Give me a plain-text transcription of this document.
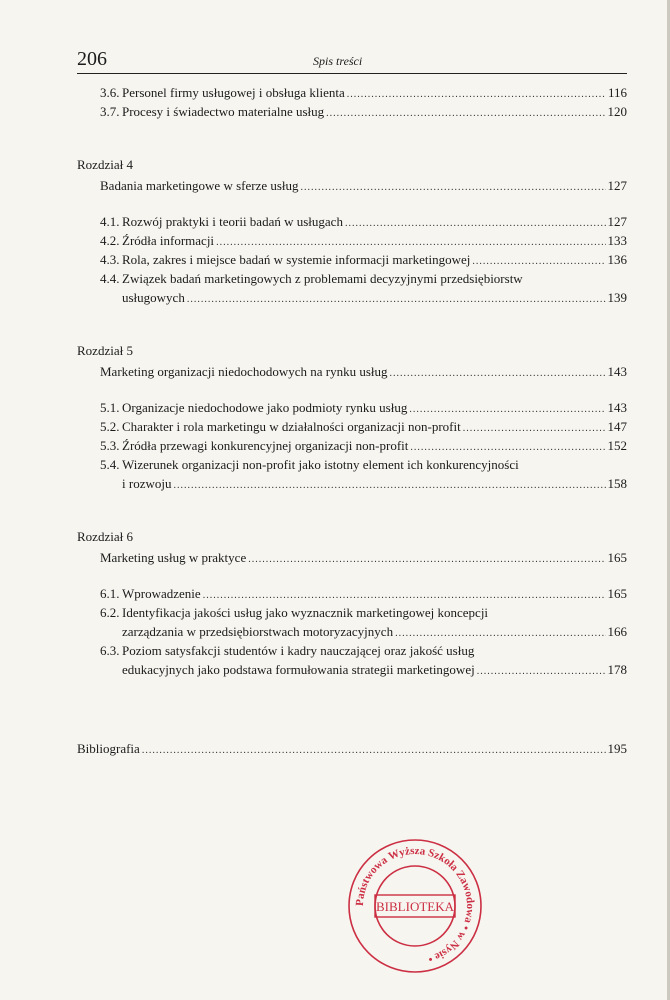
206	Spis treści
3.6. Personel firmy usługowej i obsługa klienta .....	116
3.7. Procesy i świadectwo materialne usług .....	120
Rozdział 4
Badania marketingowe w sferze usług .....	127
4.1. Rozwój praktyki i teorii badań w usługach .....	127
4.2. Źródła informacji .....	133
4.3. Rola, zakres i miejsce badań w systemie informacji marketingowej .....	136
4.4. Związek badań marketingowych z problemami decyzyjnymi przedsiębiorstw
usługowych .....	139
Rozdział 5
Marketing organizacji niedochodowych na rynku usług .....	143
5.1. Organizacje niedochodowe jako podmioty rynku usług .....	143
5.2. Charakter i rola marketingu w działalności organizacji non-profit .....	147
5.3. Źródła przewagi konkurencyjnej organizacji non-profit .....	152
5.4. Wizerunek organizacji non-profit jako istotny element ich konkurencyjności
i rozwoju .....	158
Rozdział 6
Marketing usług w praktyce .....	165
6.1. Wprowadzenie .....	165
6.2. Identyfikacja jakości usług jako wyznacznik marketingowej koncepcji
zarządzania w przedsiębiorstwach motoryzacyjnych .....	166
6.3. Poziom satysfakcji studentów i kadry nauczającej oraz jakość usług
edukacyjnych jako podstawa formułowania strategii marketingowej .....	178
Bibliografia .....	195
Państwowa Wyższa Szkoła Zawodowa • w Nysie •
BIBLIOTEKA
